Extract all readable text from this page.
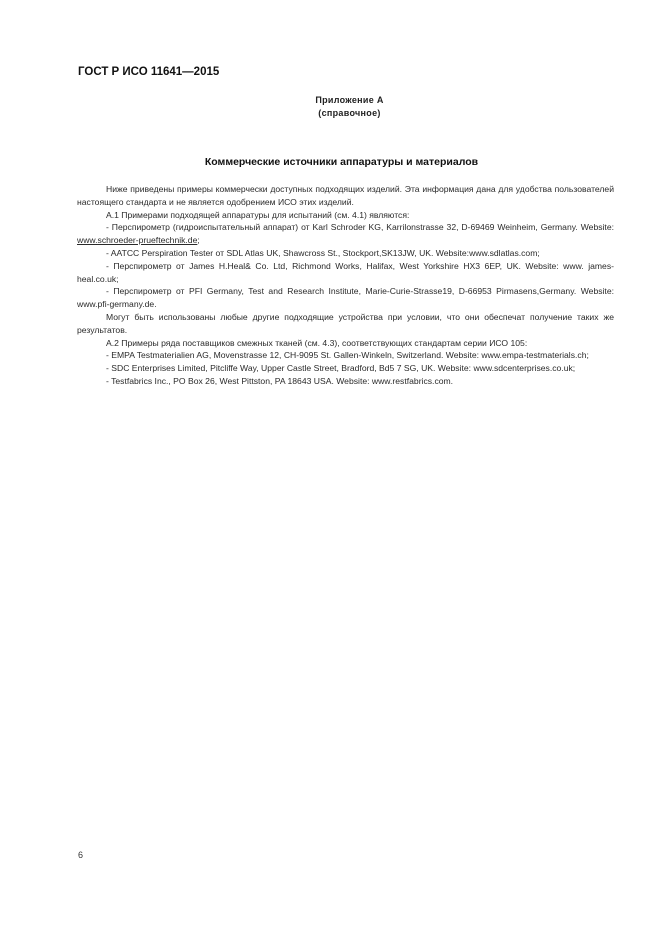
ГОСТ Р ИСО 11641—2015
Приложение А
(справочное)
Коммерческие источники аппаратуры и материалов

Ниже приведены примеры коммерчески доступных подходящих изделий. Эта информация дана для удобства пользователей настоящего стандарта и не является одобрением ИСО этих изделий.

А.1 Примерами подходящей аппаратуры для испытаний (см. 4.1) являются:

- Перспирометр (гидроиспытательный аппарат) от Karl Schroder KG, Karrilonstrasse 32, D-69469 Weinheim, Germany. Website: www.schroeder-prueftechnik.de;

- AATCC Perspiration Tester от SDL Atlas UK, Shawcross St., Stockport,SK13JW, UK. Website:www.sdlatlas.com;

- Перспирометр от James H.Heal& Co. Ltd, Richmond Works, Halifax, West Yorkshire HX3 6EP, UK. Website: www. james-heal.co.uk;

- Перспирометр от PFI Germany, Test and Research Institute, Marie-Curie-Strasse19, D-66953 Pirmasens,Germany. Website: www.pfi-germany.de.

Могут быть использованы любые другие подходящие устройства при условии, что они обеспечат получение таких же результатов.

А.2 Примеры ряда поставщиков смежных тканей (см. 4.3), соответствующих стандартам серии ИСО 105:

- EMPA Testmaterialien AG, Movenstrasse 12, CH-9095 St. Gallen-Winkeln, Switzerland. Website: www.empa-testmaterials.ch;

- SDC Enterprises Limited, Pitcliffe Way, Upper Castle Street, Bradford, Bd5 7 SG, UK. Website: www.sdcenterprises.co.uk;

- Testfabrics Inc., PO Box 26, West Pittston, PA 18643 USA. Website: www.restfabrics.com.

6
